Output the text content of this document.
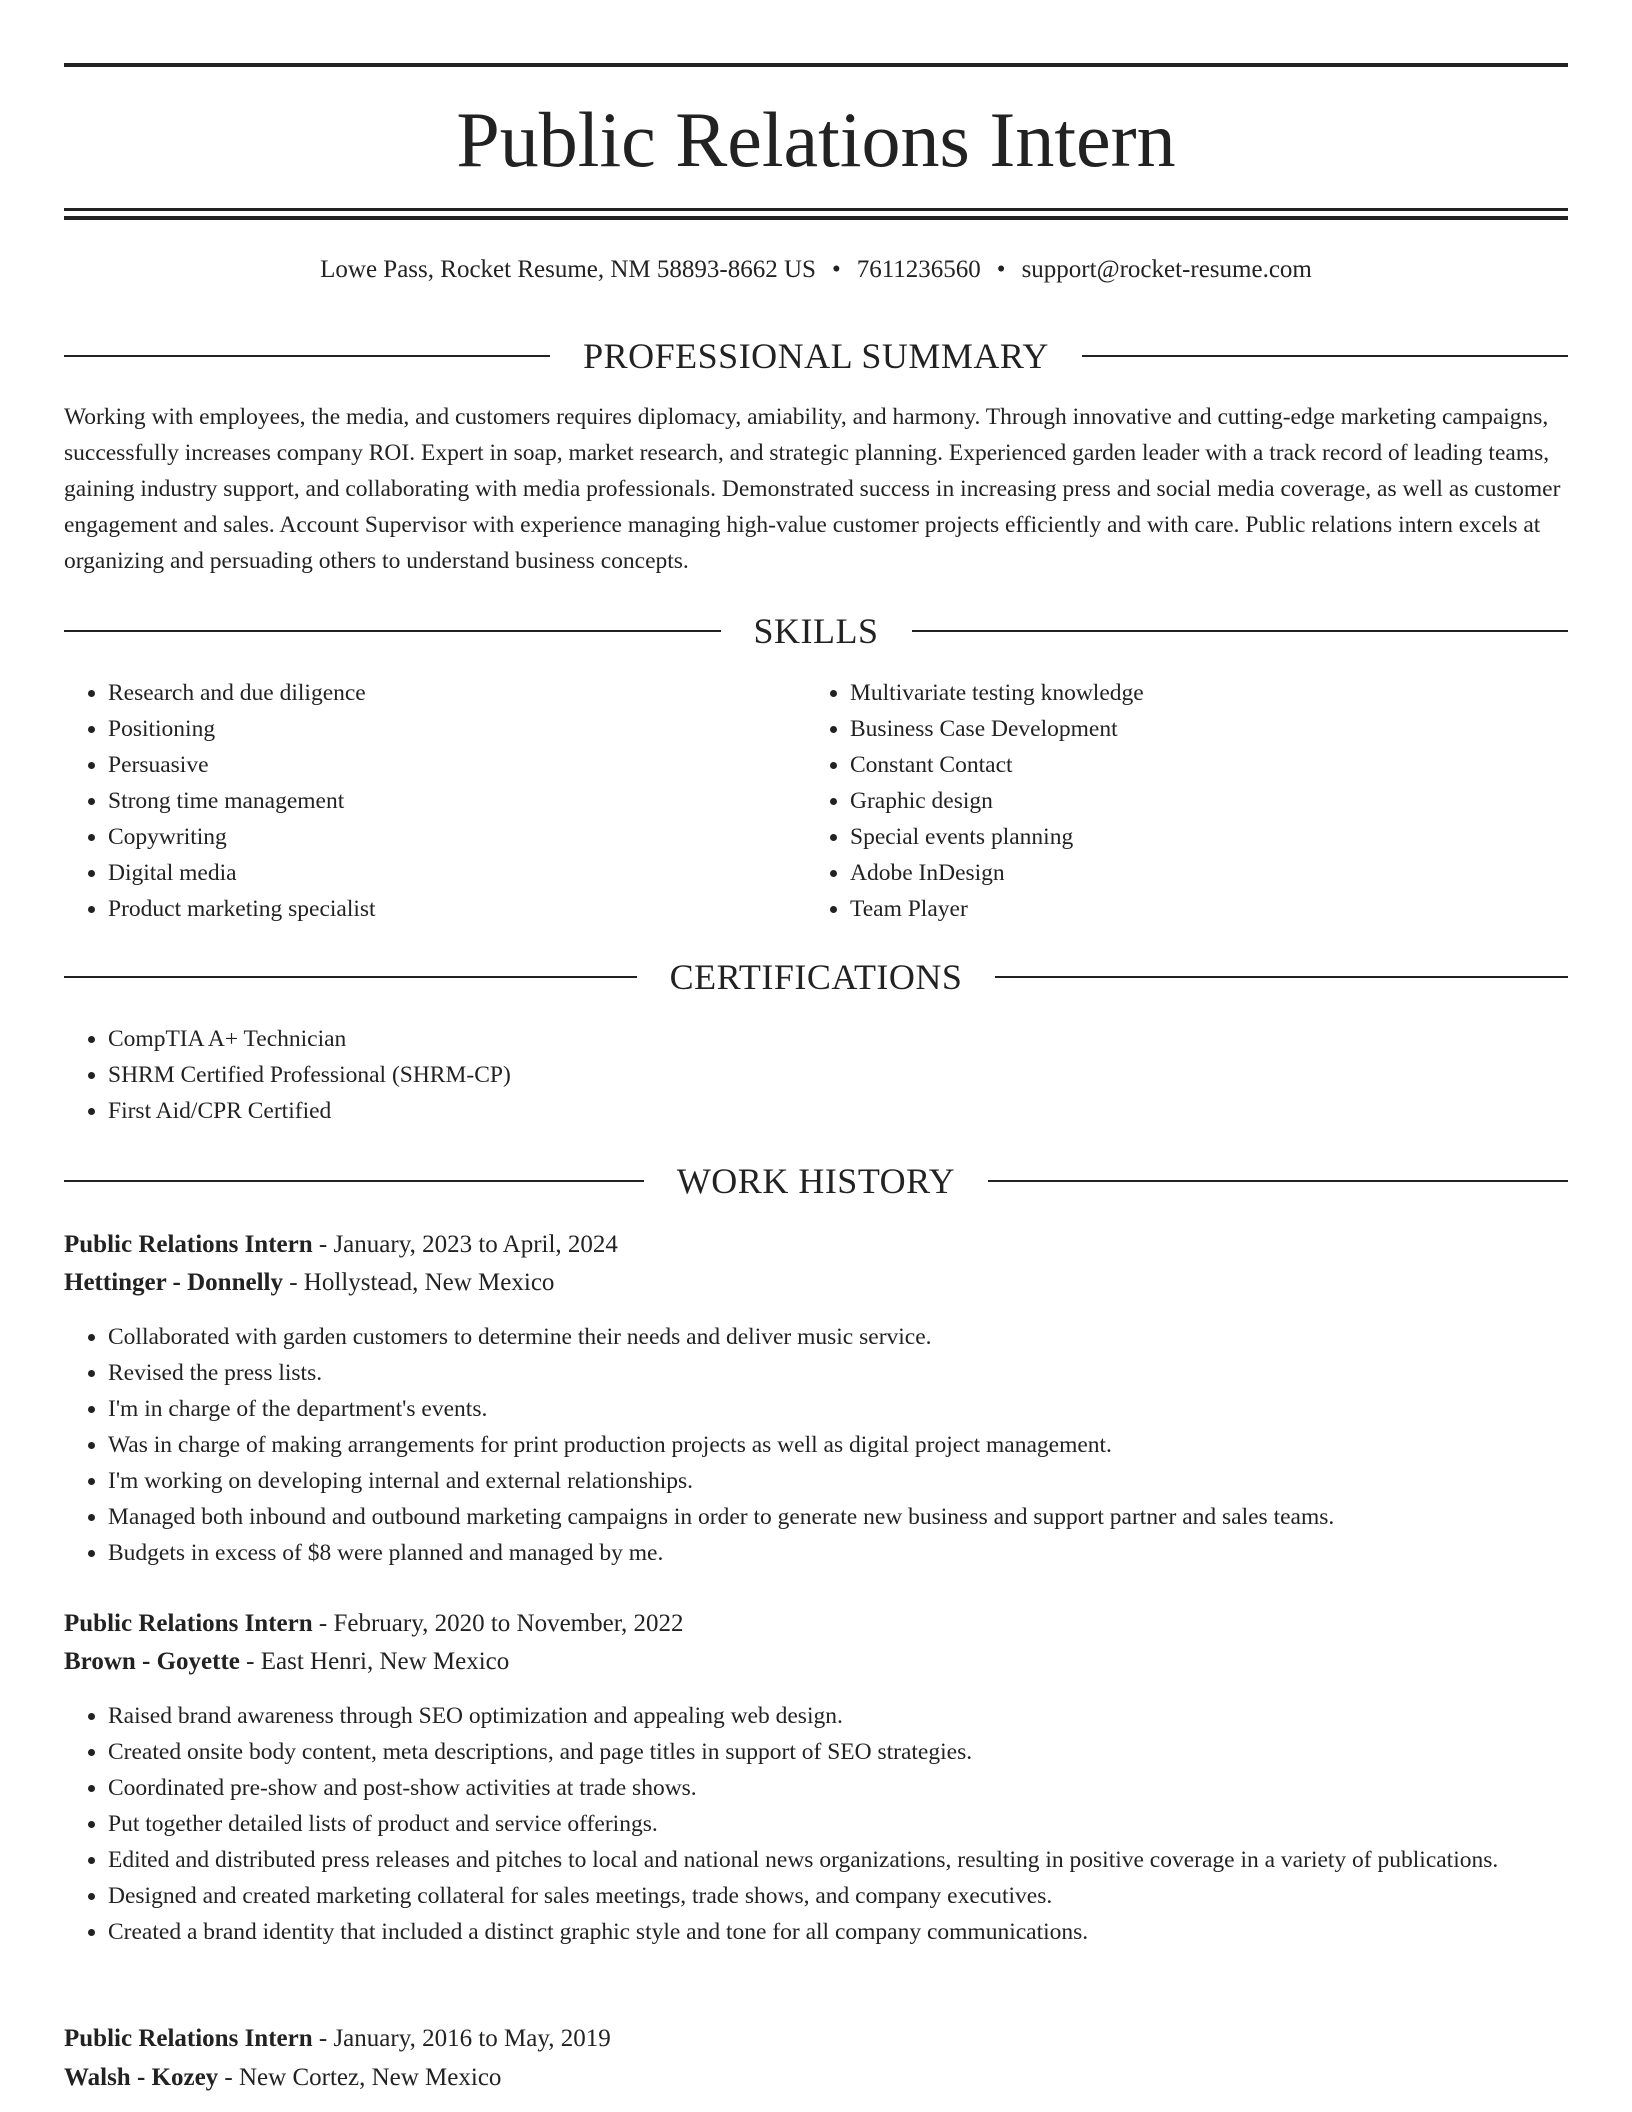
Public Relations Intern
Lowe Pass, Rocket Resume, NM 58893-8662 US • 7611236560 • support@rocket-resume.com
PROFESSIONAL SUMMARY

Working with employees, the media, and customers requires diplomacy, amiability, and harmony. Through innovative and cutting-edge marketing campaigns, successfully increases company ROI. Expert in soap, market research, and strategic planning. Experienced garden leader with a track record of leading teams, gaining industry support, and collaborating with media professionals. Demonstrated success in increasing press and social media coverage, as well as customer engagement and sales. Account Supervisor with experience managing high-value customer projects efficiently and with care. Public relations intern excels at organizing and persuading others to understand business concepts.

SKILLS
• Research and due diligence
• Positioning
• Persuasive
• Strong time management
• Copywriting
• Digital media
• Product marketing specialist
• Multivariate testing knowledge
• Business Case Development
• Constant Contact
• Graphic design
• Special events planning
• Adobe InDesign
• Team Player
CERTIFICATIONS
• CompTIA A+ Technician
• SHRM Certified Professional (SHRM-CP)
• First Aid/CPR Certified
WORK HISTORY
Public Relations Intern - January, 2023 to April, 2024
Hettinger - Donnelly - Hollystead, New Mexico
• Collaborated with garden customers to determine their needs and deliver music service.
• Revised the press lists.
• I'm in charge of the department's events.
• Was in charge of making arrangements for print production projects as well as digital project management.
• I'm working on developing internal and external relationships.
• Managed both inbound and outbound marketing campaigns in order to generate new business and support partner and sales teams.
• Budgets in excess of $8 were planned and managed by me.
Public Relations Intern - February, 2020 to November, 2022
Brown - Goyette - East Henri, New Mexico
• Raised brand awareness through SEO optimization and appealing web design.
• Created onsite body content, meta descriptions, and page titles in support of SEO strategies.
• Coordinated pre-show and post-show activities at trade shows.
• Put together detailed lists of product and service offerings.
• Edited and distributed press releases and pitches to local and national news organizations, resulting in positive coverage in a variety of publications.
• Designed and created marketing collateral for sales meetings, trade shows, and company executives.
• Created a brand identity that included a distinct graphic style and tone for all company communications.
Public Relations Intern - January, 2016 to May, 2019
Walsh - Kozey - New Cortez, New Mexico
